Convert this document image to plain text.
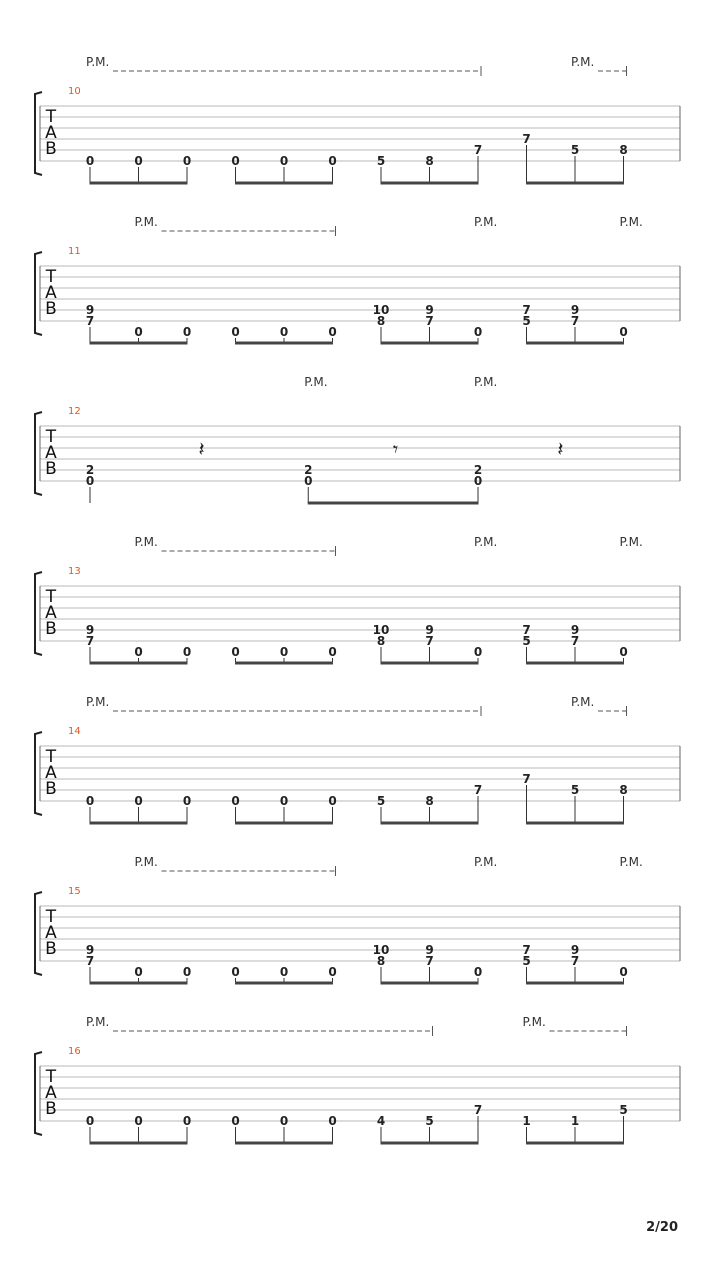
T
A
B
10
P.M.	P.M.
0	0	0	0	0	0	5	8
7
7
5	8
T
A
B
11
P.M.	P.M.	P.M.
9
7
0	0	0	0	0
10
8
9
7
0
7
5
9
7
0
T
A
B
12
P.M.	P.M.
2
0
𝄽
2
0
𝄾
2
0
𝄽
T
A
B
13
P.M.	P.M.	P.M.
9
7
0	0	0	0	0
10
8
9
7
0
7
5
9
7
0
T
A
B
14
P.M.	P.M.
0	0	0	0	0	0	5	8
7
7
5	8
T
A
B
15
P.M.	P.M.	P.M.
9
7
0	0	0	0	0
10
8
9
7
0
7
5
9
7
0
T
A
B
16
P.M.	P.M.
0	0	0	0	0	0	4	5
7
1	1
5
2/20
